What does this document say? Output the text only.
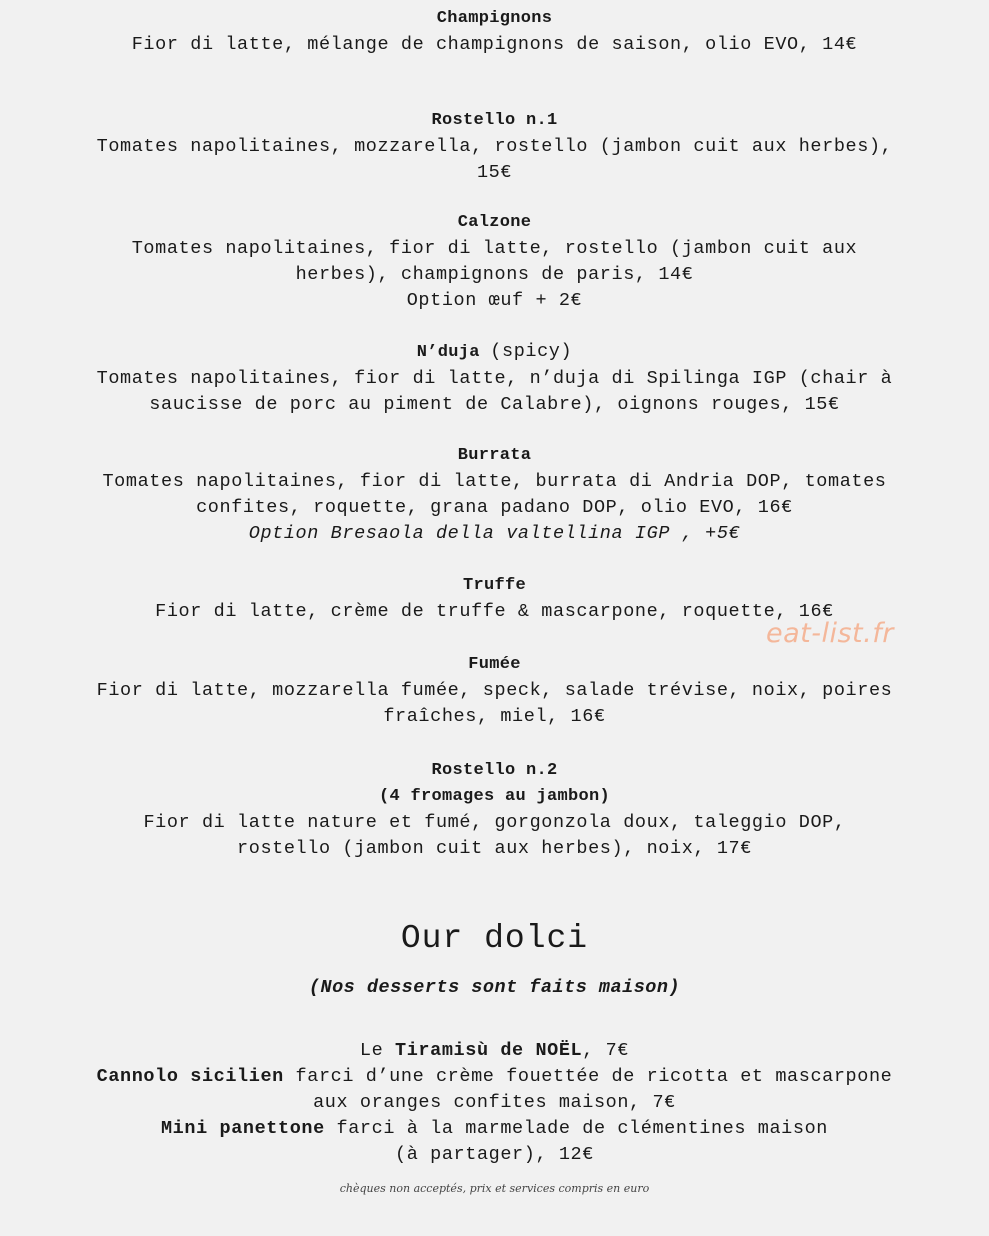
Champignons
Fior di latte, mélange de champignons de saison, olio EVO, 14€
Rostello n.1
Tomates napolitaines, mozzarella, rostello (jambon cuit aux herbes),
15€
Calzone
Tomates napolitaines, fior di latte, rostello (jambon cuit aux
herbes), champignons de paris, 14€
Option œuf + 2€
N’duja (spicy)
Tomates napolitaines, fior di latte, n’duja di Spilinga IGP (chair à
saucisse de porc au piment de Calabre), oignons rouges, 15€
Burrata
Tomates napolitaines, fior di latte, burrata di Andria DOP, tomates
confites, roquette, grana padano DOP, olio EVO, 16€
Option Bresaola della valtellina IGP , +5€
Truffe
Fior di latte, crème de truffe & mascarpone, roquette, 16€
Fumée
Fior di latte, mozzarella fumée, speck, salade trévise, noix, poires
fraîches, miel, 16€
Rostello n.2
(4 fromages au jambon)
Fior di latte nature et fumé, gorgonzola doux, taleggio DOP,
rostello (jambon cuit aux herbes), noix, 17€
eat-list.fr
Our dolci
(Nos desserts sont faits maison)
Le Tiramisù de NOËL, 7€
Cannolo sicilien farci d’une crème fouettée de ricotta et mascarpone
aux oranges confites maison, 7€
Mini panettone farci à la marmelade de clémentines maison
(à partager), 12€
chèques non acceptés, prix et services compris en euro
